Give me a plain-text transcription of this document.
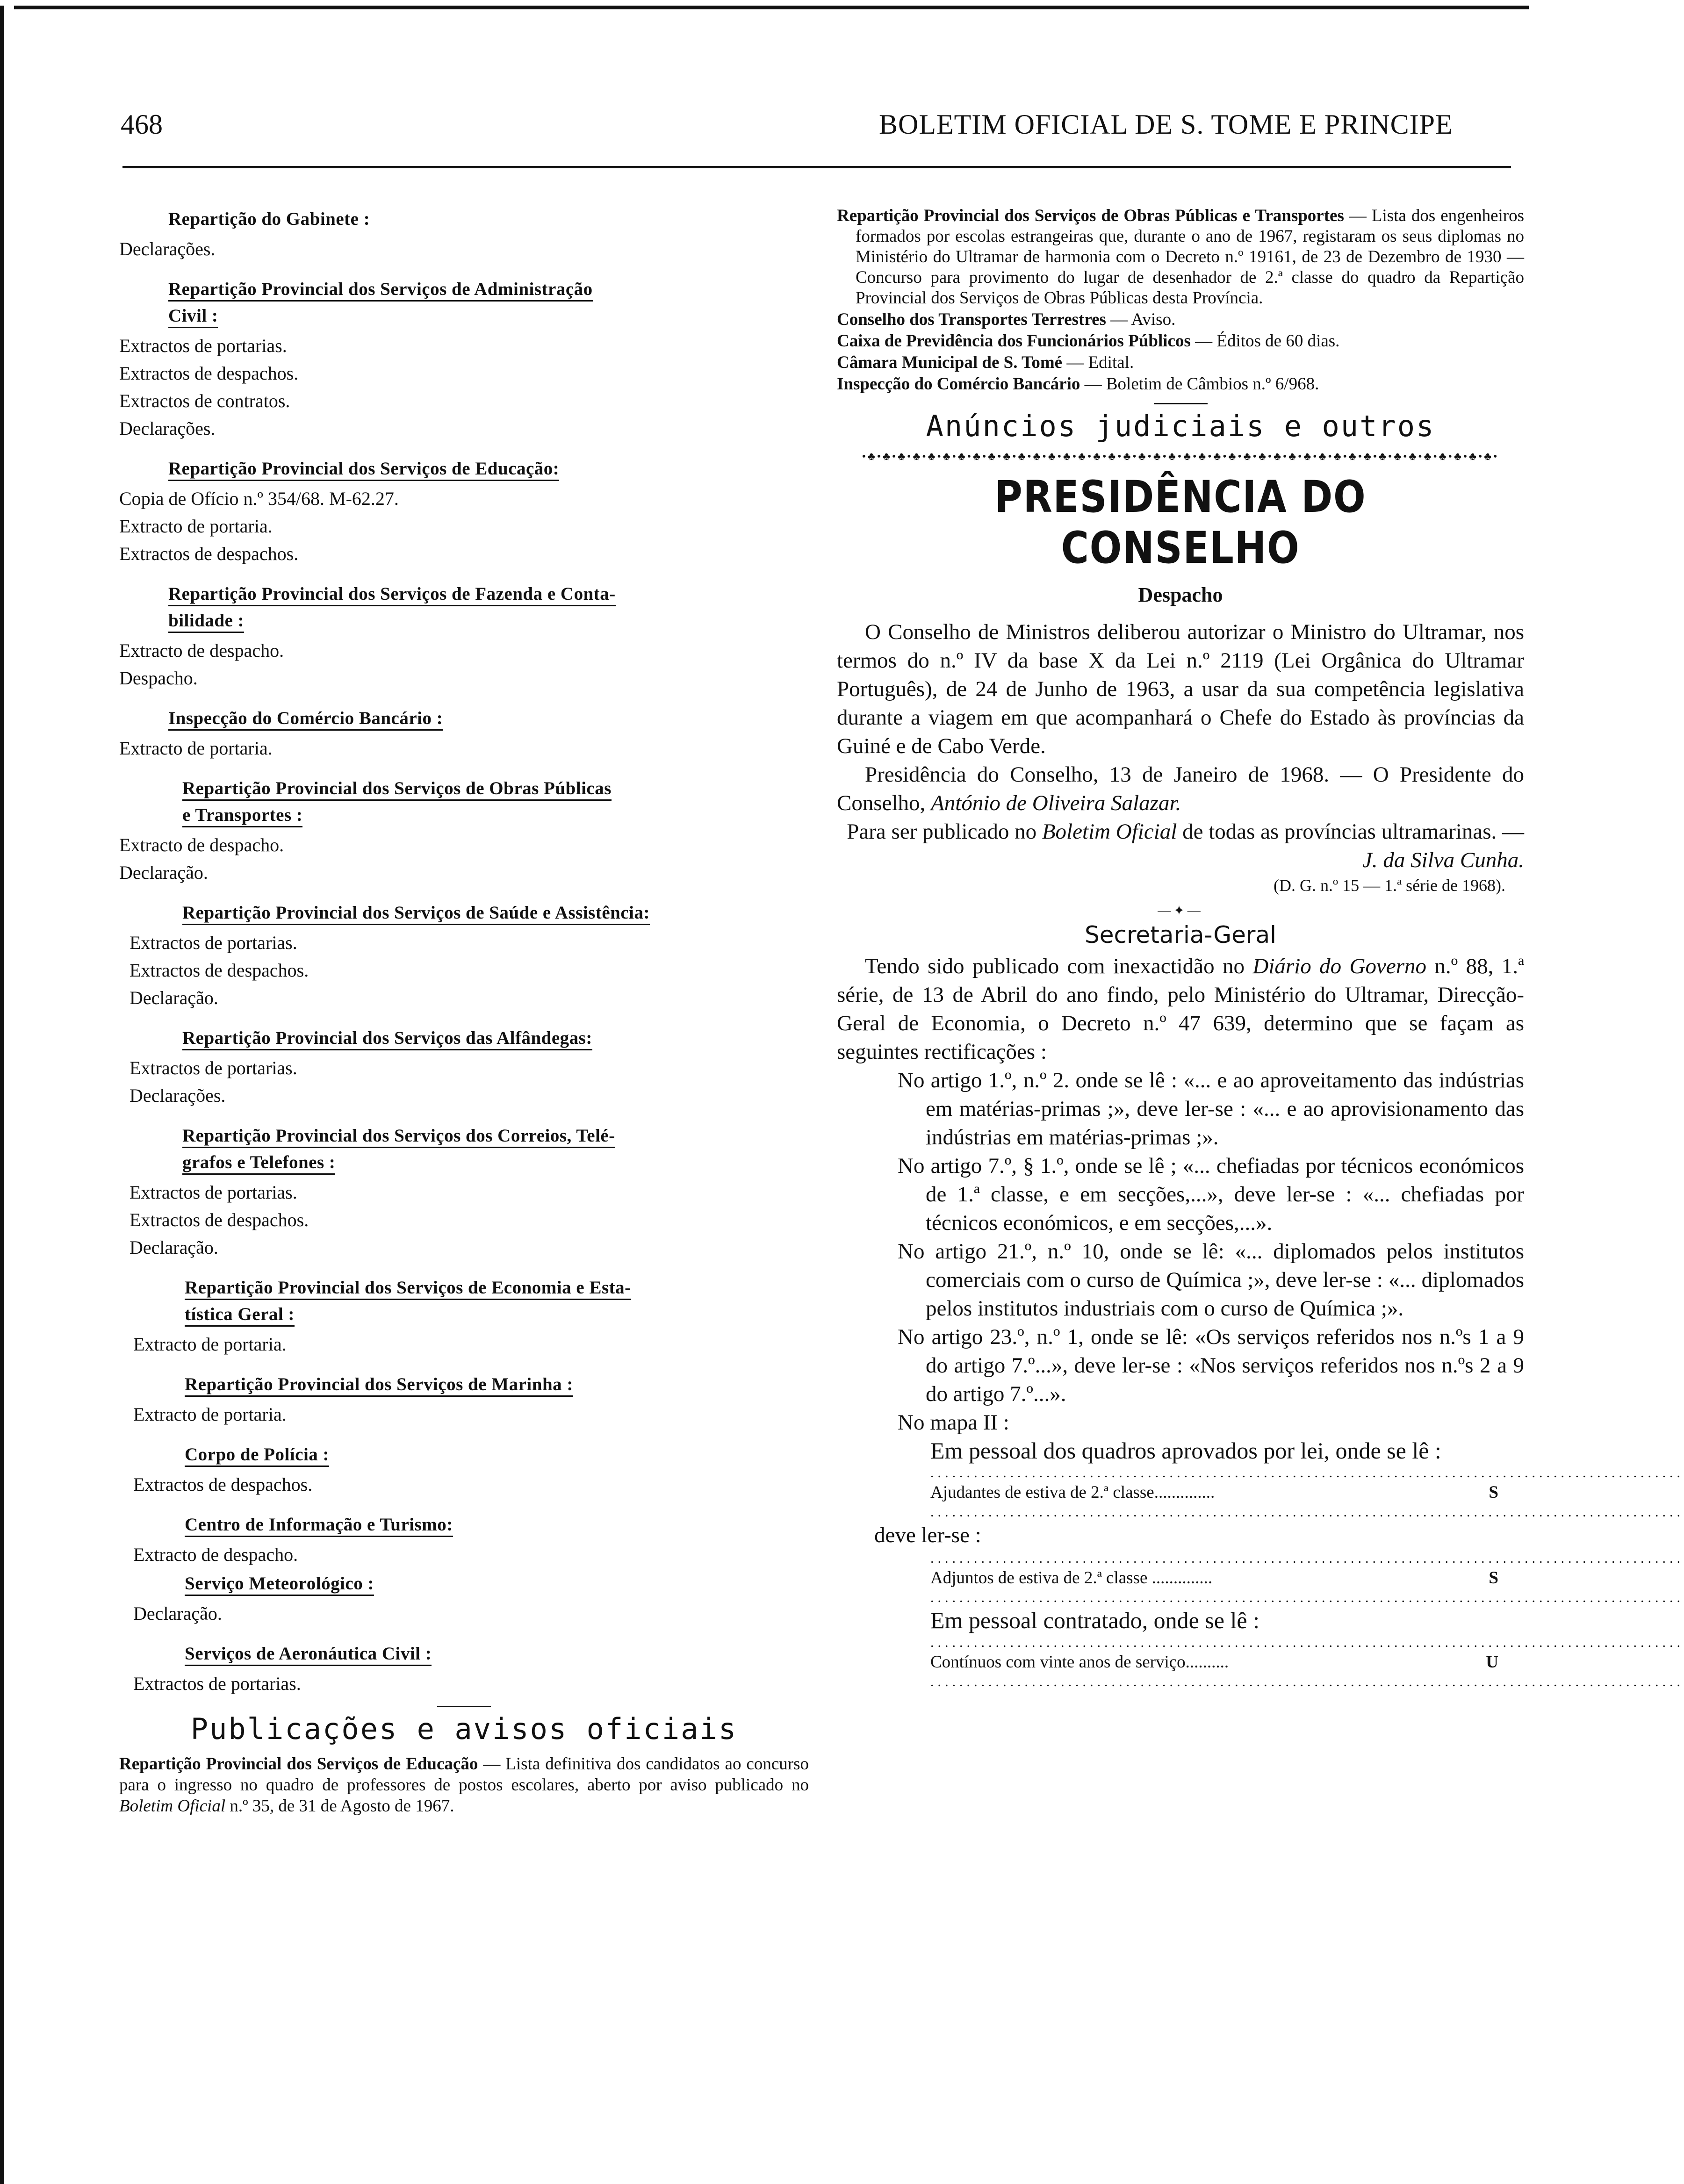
468	BOLETIM OFICIAL DE S. TOME E PRINCIPE
Repartição do Gabinete :
Declarações.
Repartição Provincial dos Serviços de Administração
Civil :
Extractos de portarias.
Extractos de despachos.
Extractos de contratos.
Declarações.
Repartição Provincial dos Serviços de Educação:
Copia de Ofício n.º 354/68. M-62.27.
Extracto de portaria.
Extractos de despachos.
Repartição Provincial dos Serviços de Fazenda e Conta-
bilidade :
Extracto de despacho.
Despacho.
Inspecção do Comércio Bancário :
Extracto de portaria.
Repartição Provincial dos Serviços de Obras Públicas
e Transportes :
Extracto de despacho.
Declaração.
Repartição Provincial dos Serviços de Saúde e Assistência:
Extractos de portarias.
Extractos de despachos.
Declaração.
Repartição Provincial dos Serviços das Alfândegas:
Extractos de portarias.
Declarações.
Repartição Provincial dos Serviços dos Correios, Telé-
grafos e Telefones :
Extractos de portarias.
Extractos de despachos.
Declaração.
Repartição Provincial dos Serviços de Economia e Esta-
tística Geral :
Extracto de portaria.
Repartição Provincial dos Serviços de Marinha :
Extracto de portaria.
Corpo de Polícia :
Extractos de despachos.
Centro de Informação e Turismo:
Extracto de despacho.
Serviço Meteorológico :
Declaração.
Serviços de Aeronáutica Civil :
Extractos de portarias.
Publicações e avisos oficiais
Repartição Provincial dos Serviços de Educação — Lista definitiva dos candidatos ao concurso para o ingresso no quadro de professores de postos escolares, aberto por aviso publicado no Boletim Oficial n.º 35, de 31 de Agosto de 1967.

Repartição Provincial dos Serviços de Obras Públicas e Transportes — Lista dos engenheiros formados por escolas estrangeiras que, durante o ano de 1967, registaram os seus diplomas no Ministério do Ultramar de harmonia com o Decreto n.º 19161, de 23 de Dezembro de 1930 — Concurso para provimento do lugar de desenhador de 2.ª classe do quadro da Repartição Provincial dos Serviços de Obras Públicas desta Província.

Conselho dos Transportes Terrestres — Aviso.

Caixa de Previdência dos Funcionários Públicos — Éditos de 60 dias.

Câmara Municipal de S. Tomé — Edital.

Inspecção do Comércio Bancário — Boletim de Câmbios n.º 6/968.

Anúncios judiciais e outros
•♣•♣•♣•♣•♣•♣•♣•♣•♣•♣•♣•♣•♣•♣•♣•♣•♣•♣•♣•♣•♣•♣•♣•♣•♣•♣•♣•♣•♣•♣•♣•♣•♣•♣•♣•♣•♣•♣•♣•♣•♣•♣•
PRESIDÊNCIA DO CONSELHO
Despacho

O Conselho de Ministros deliberou autorizar o Ministro do Ultramar, nos termos do n.º IV da base X da Lei n.º 2119 (Lei Orgânica do Ultramar Português), de 24 de Junho de 1963, a usar da sua competência legislativa durante a viagem em que acompanhará o Chefe do Estado às províncias da Guiné e de Cabo Verde.

Presidência do Conselho, 13 de Janeiro de 1968. — O Presidente do Conselho, António de Oliveira Salazar.

Para ser publicado no Boletim Oficial de todas as províncias ultramarinas. — J. da Silva Cunha.
(D. G. n.º 15 — 1.ª série de 1968).
—✦—
Secretaria-Geral

Tendo sido publicado com inexactidão no Diário do Governo n.º 88, 1.ª série, de 13 de Abril do ano findo, pelo Ministério do Ultramar, Direcção-Geral de Economia, o Decreto n.º 47 639, determino que se façam as seguintes rectificações :

No artigo 1.º, n.º 2. onde se lê : «... e ao aproveitamento das indústrias em matérias-primas ;», deve ler-se : «... e ao aprovisionamento das indústrias em matérias-primas ;».
No artigo 7.º, § 1.º, onde se lê ; «... chefiadas por técnicos económicos de 1.ª classe, e em secções,...», deve ler-se : «... chefiadas por técnicos económicos, e em secções,...».
No artigo 21.º, n.º 10, onde se lê: «... diplomados pelos institutos comerciais com o curso de Química ;», deve ler-se : «... diplomados pelos institutos industriais com o curso de Química ;».
No artigo 23.º, n.º 1, onde se lê: «Os serviços referidos nos n.ºs 1 a 9 do artigo 7.º...», deve ler-se : «Nos serviços referidos nos n.ºs 2 a 9 do artigo 7.º...».
No mapa II :
Em pessoal dos quadros aprovados por lei, onde se lê :
........................................................................................................
Ajudantes de estiva de 2.ª classe..............	S
........................................................................................................
deve ler-se :
........................................................................................................
Adjuntos de estiva de 2.ª classe ..............	S
........................................................................................................
Em pessoal contratado, onde se lê :
........................................................................................................
Contínuos com vinte anos de serviço..........	U
........................................................................................................
